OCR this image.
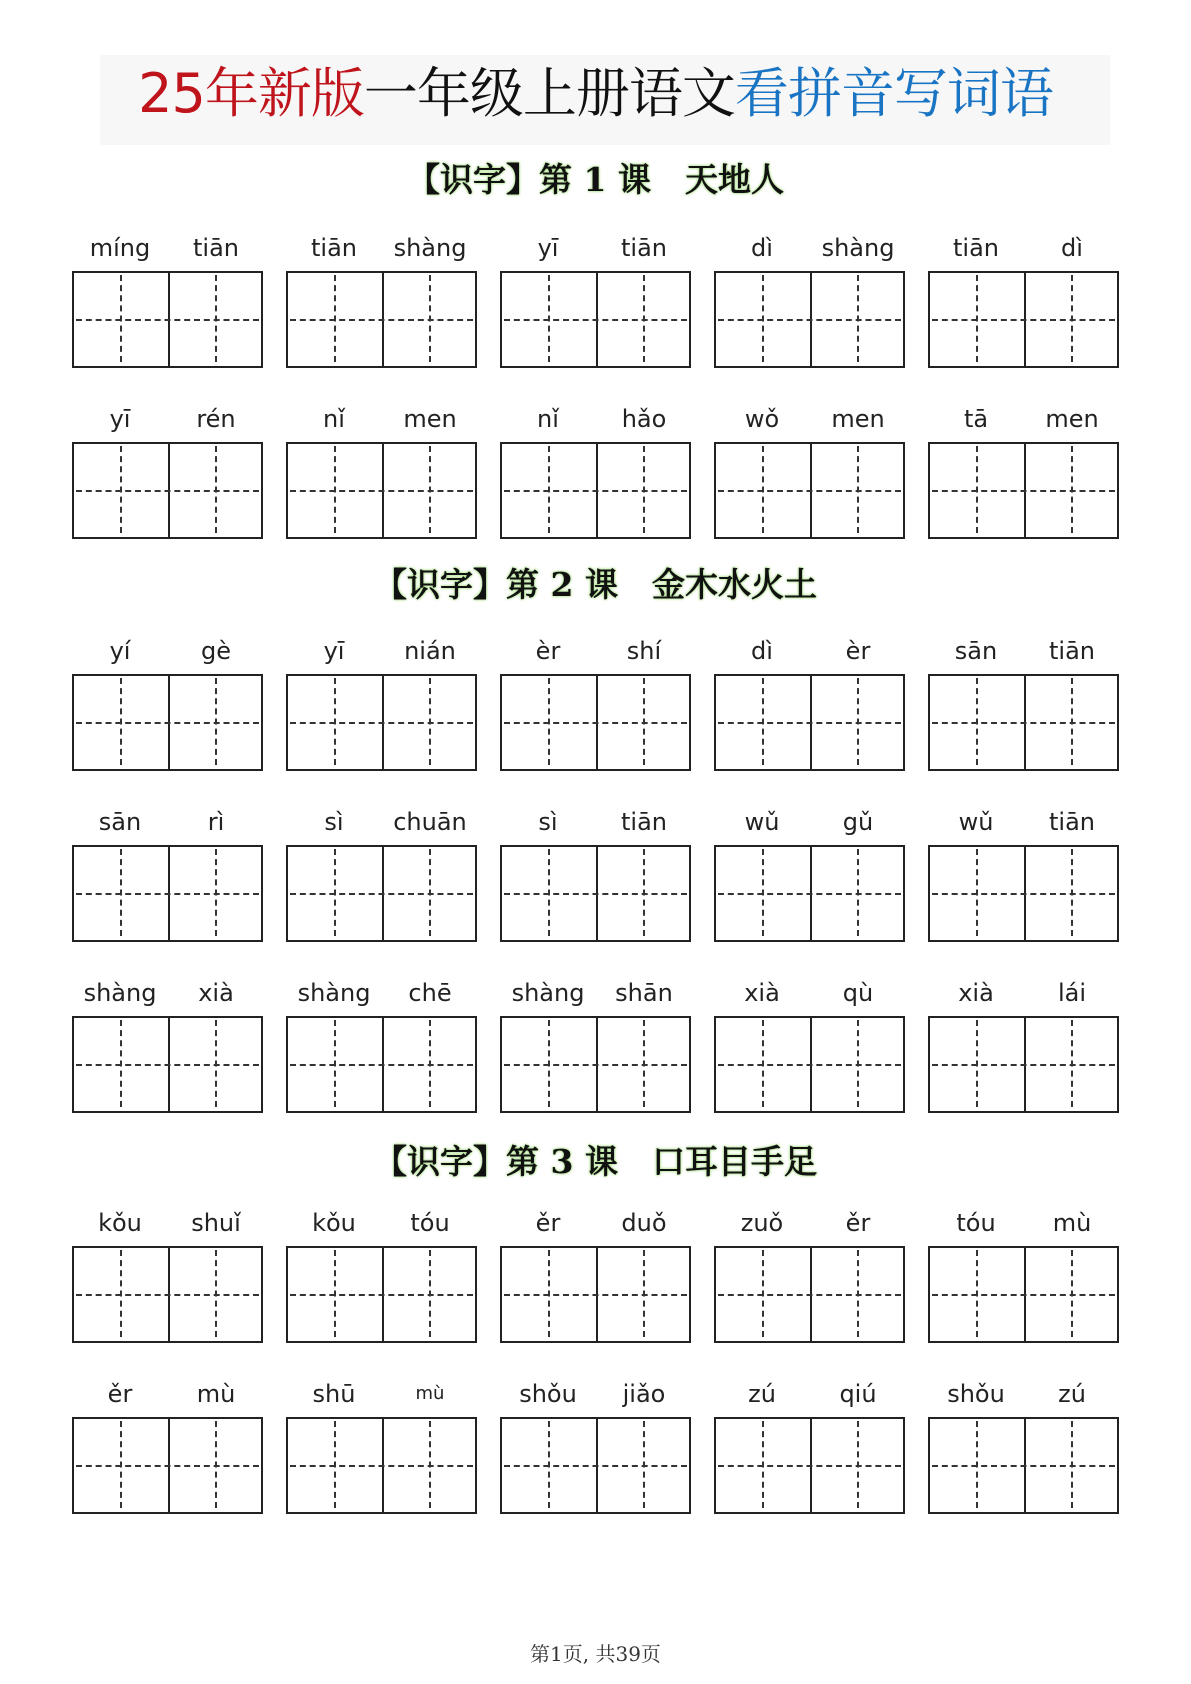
25年新版一年级上册语文看拼音写词语
【识字】第 1 课 天地人
【识字】第 2 课 金木水火土
【识字】第 3 课 口耳目手足
míng	tiān	tiān	shàng	yī	tiān	dì	shàng	tiān	dì
yī	rén	nǐ	men	nǐ	hǎo	wǒ	men	tā	men
yí	gè	yī	nián	èr	shí	dì	èr	sān	tiān
sān	rì	sì	chuān	sì	tiān	wǔ	gǔ	wǔ	tiān
shàng	xià	shàng	chē	shàng	shān	xià	qù	xià	lái
kǒu	shuǐ	kǒu	tóu	ěr	duǒ	zuǒ	ěr	tóu	mù
ěr	mù	shū	mù	shǒu	jiǎo	zú	qiú	shǒu	zú
第1页, 共39页
